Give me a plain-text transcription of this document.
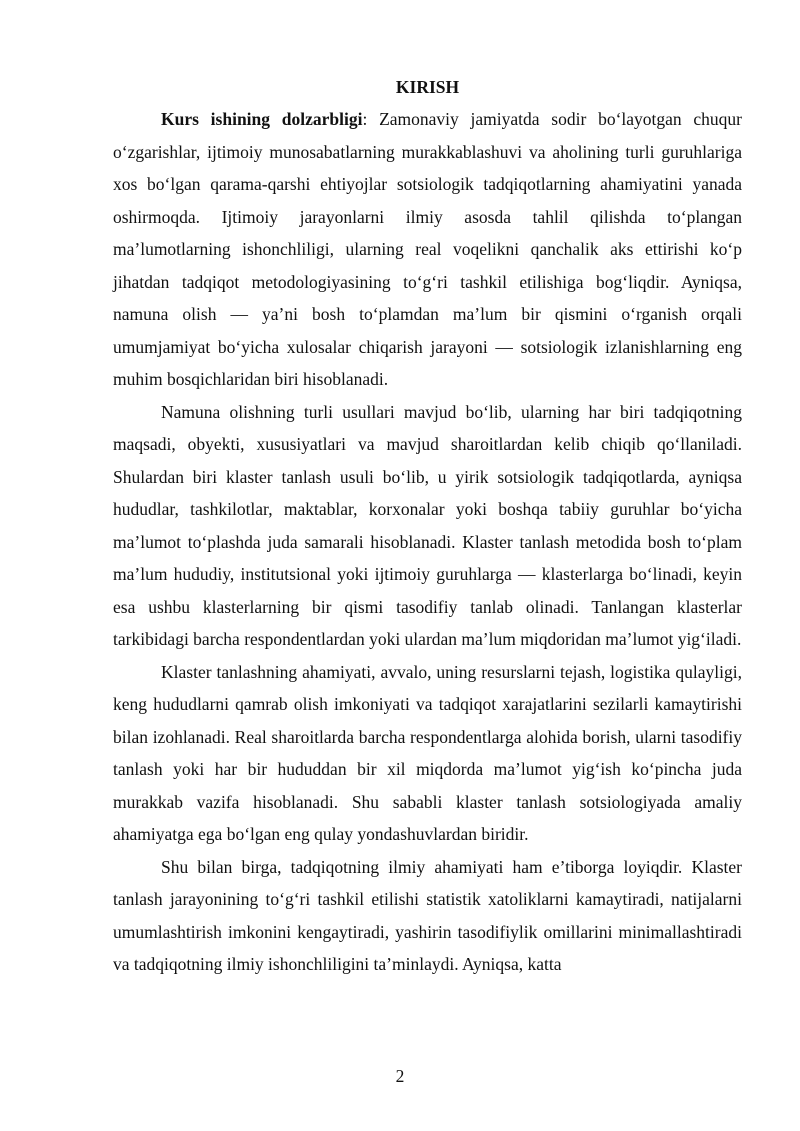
KIRISH

Kurs ishining dolzarbligi: Zamonaviy jamiyatda sodir bo‘layotgan chuqur o‘zgarishlar, ijtimoiy munosabatlarning murakkablashuvi va aholining turli guruhlariga xos bo‘lgan qarama-qarshi ehtiyojlar sotsiologik tadqiqotlarning ahamiyatini yanada oshirmoqda. Ijtimoiy jarayonlarni ilmiy asosda tahlil qilishda to‘plangan ma’lumotlarning ishonchliligi, ularning real voqelikni qanchalik aks ettirishi ko‘p jihatdan tadqiqot metodologiyasining to‘g‘ri tashkil etilishiga bog‘liqdir. Ayniqsa, namuna olish — ya’ni bosh to‘plamdan ma’lum bir qismini o‘rganish orqali umumjamiyat bo‘yicha xulosalar chiqarish jarayoni — sotsiologik izlanishlarning eng muhim bosqichlaridan biri hisoblanadi.

Namuna olishning turli usullari mavjud bo‘lib, ularning har biri tadqiqotning maqsadi, obyekti, xususiyatlari va mavjud sharoitlardan kelib chiqib qo‘llaniladi. Shulardan biri klaster tanlash usuli bo‘lib, u yirik sotsiologik tadqiqotlarda, ayniqsa hududlar, tashkilotlar, maktablar, korxonalar yoki boshqa tabiiy guruhlar bo‘yicha ma’lumot to‘plashda juda samarali hisoblanadi. Klaster tanlash metodida bosh to‘plam ma’lum hududiy, institutsional yoki ijtimoiy guruhlarga — klasterlarga bo‘linadi, keyin esa ushbu klasterlarning bir qismi tasodifiy tanlab olinadi. Tanlangan klasterlar tarkibidagi barcha respondentlardan yoki ulardan ma’lum miqdoridan ma’lumot yig‘iladi.

Klaster tanlashning ahamiyati, avvalo, uning resurslarni tejash, logistika qulayligi, keng hududlarni qamrab olish imkoniyati va tadqiqot xarajatlarini sezilarli kamaytirishi bilan izohlanadi. Real sharoitlarda barcha respondentlarga alohida borish, ularni tasodifiy tanlash yoki har bir hududdan bir xil miqdorda ma’lumot yig‘ish ko‘pincha juda murakkab vazifa hisoblanadi. Shu sababli klaster tanlash sotsiologiyada amaliy ahamiyatga ega bo‘lgan eng qulay yondashuvlardan biridir.

Shu bilan birga, tadqiqotning ilmiy ahamiyati ham e’tiborga loyiqdir. Klaster tanlash jarayonining to‘g‘ri tashkil etilishi statistik xatoliklarni kamaytiradi, natijalarni umumlashtirish imkonini kengaytiradi, yashirin tasodifiylik omillarini minimallashtiradi va tadqiqotning ilmiy ishonchliligini ta’minlaydi. Ayniqsa, katta

2
